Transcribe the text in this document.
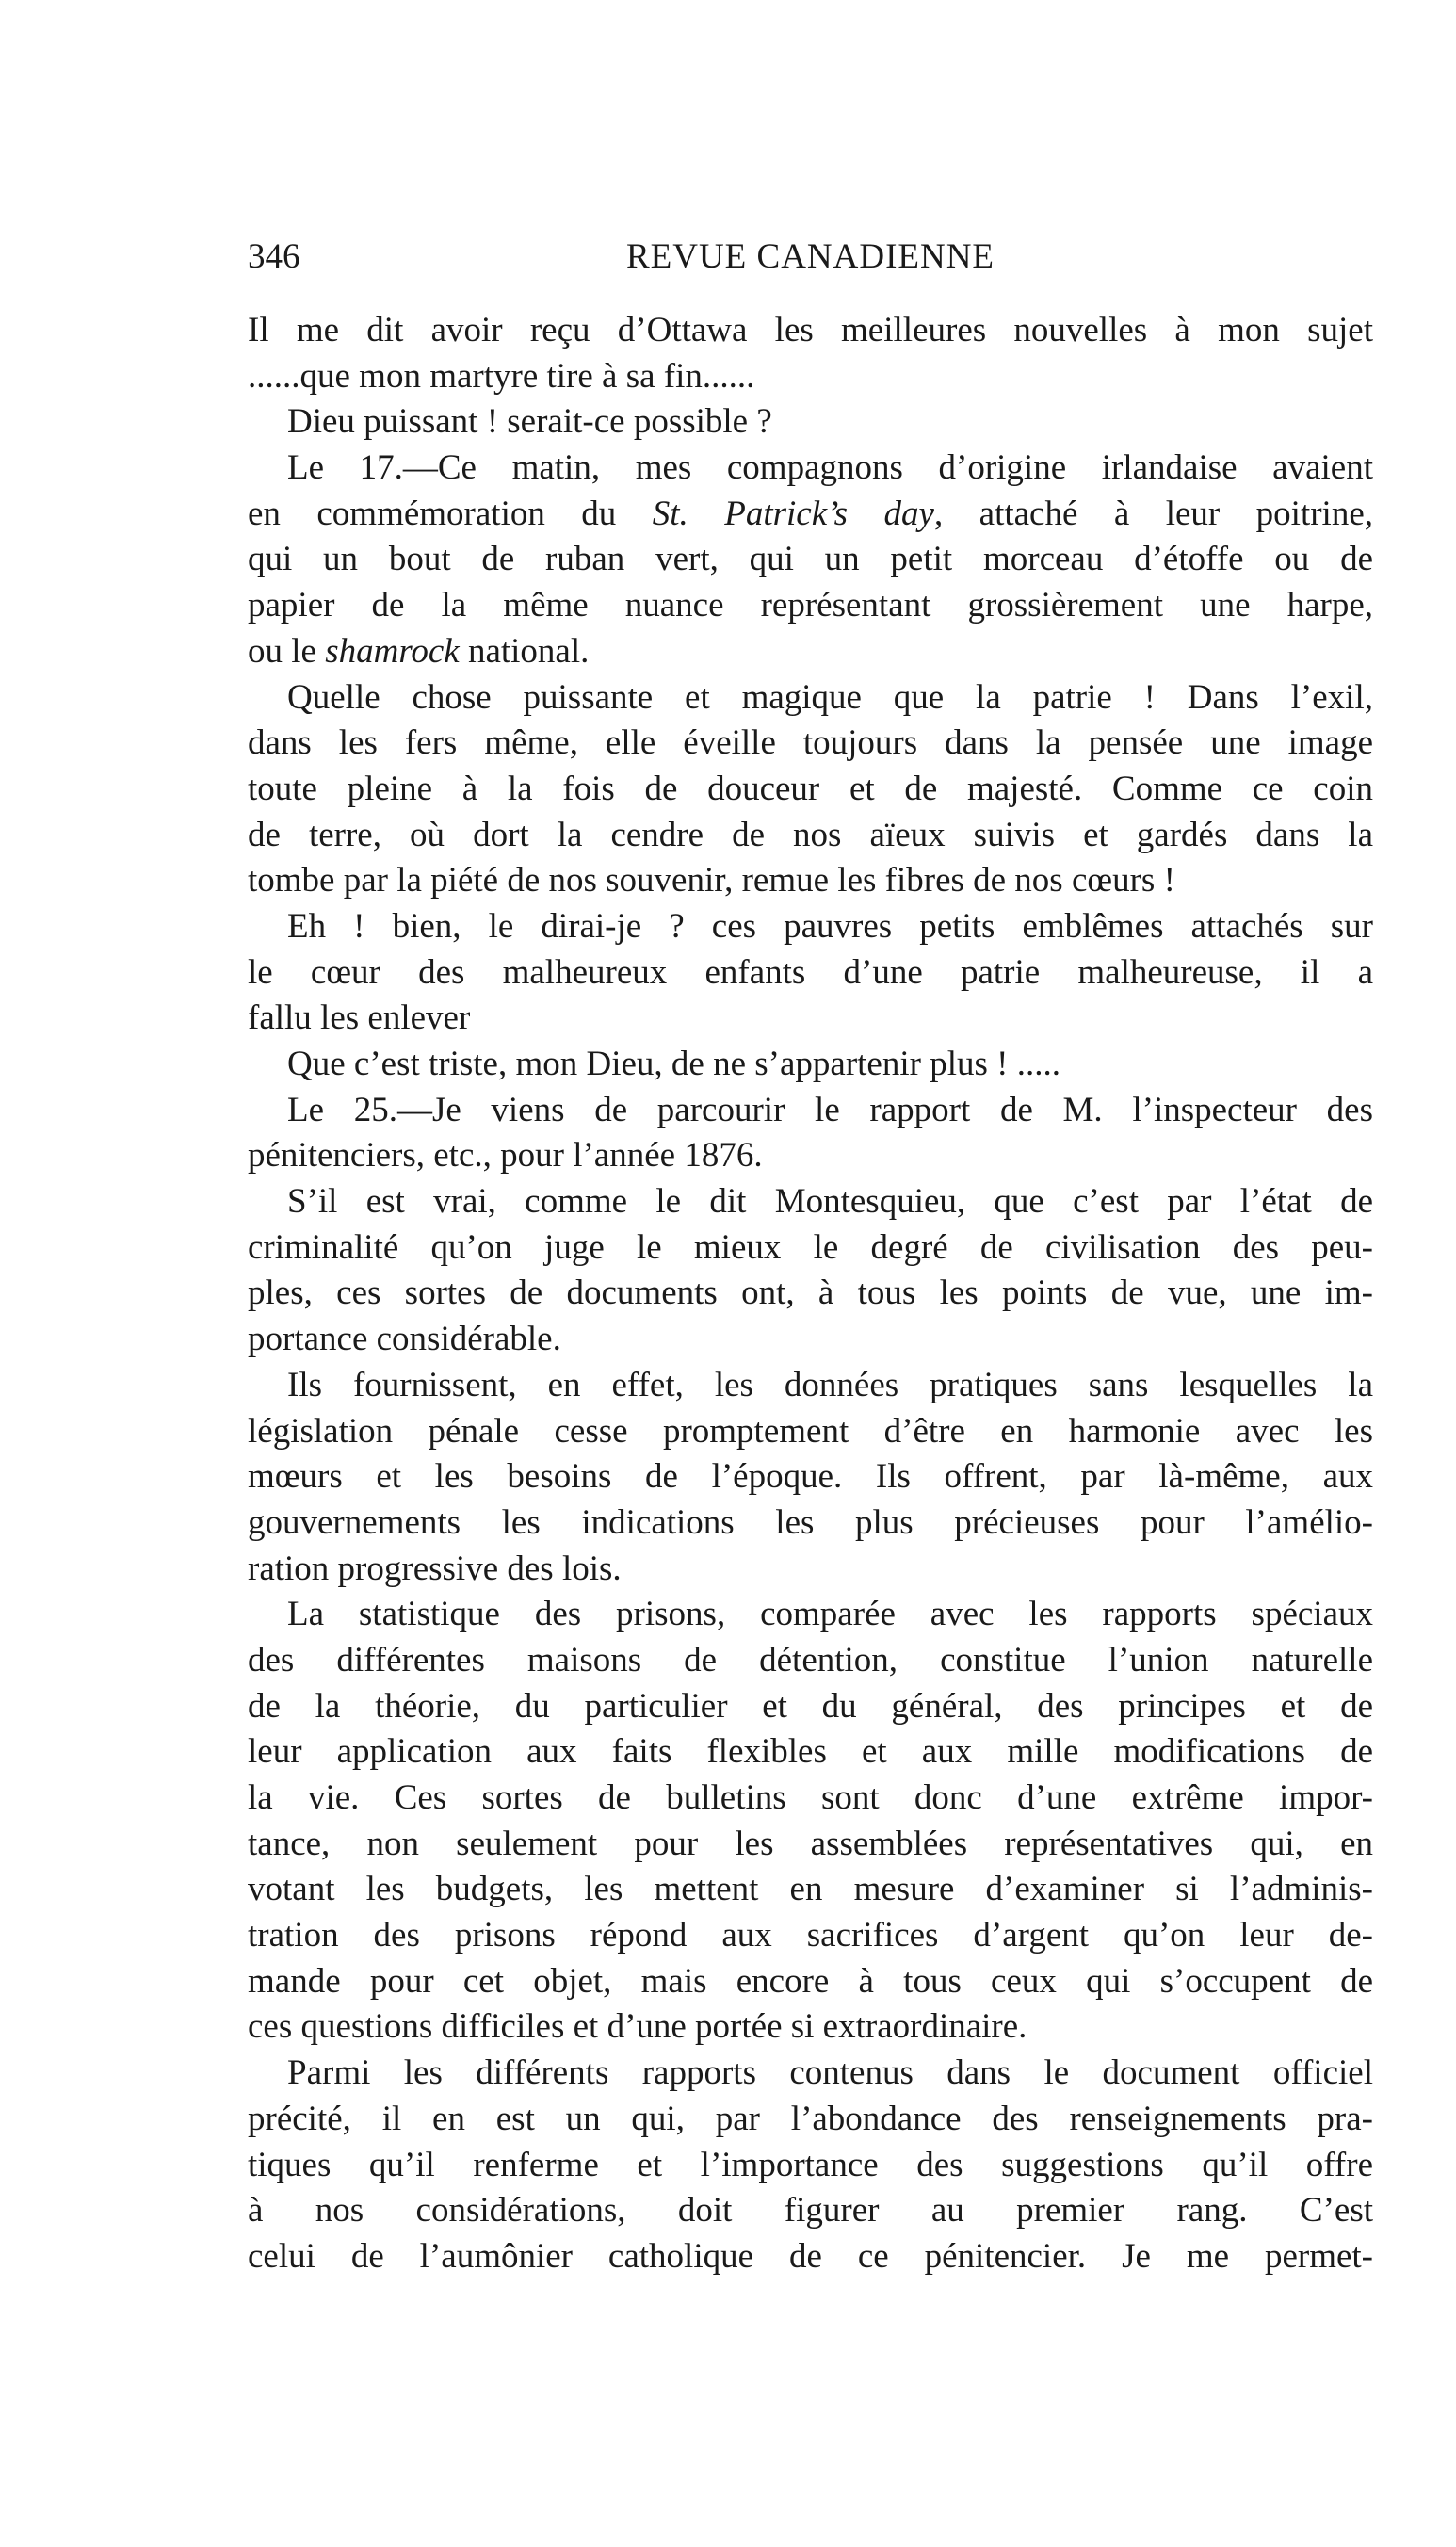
346	REVUE CANADIENNE
Il me dit avoir reçu d’Ottawa les meilleures nouvelles à mon sujet
......que mon martyre tire à sa fin......
Dieu puissant ! serait-ce possible ?
Le 17.—Ce matin, mes compagnons d’origine irlandaise avaient
en commémoration du St. Patrick’s day, attaché à leur poitrine,
qui un bout de ruban vert, qui un petit morceau d’étoffe ou de
papier de la même nuance représentant grossièrement une harpe,
ou le shamrock national.
Quelle chose puissante et magique que la patrie ! Dans l’exil,
dans les fers même, elle éveille toujours dans la pensée une image
toute pleine à la fois de douceur et de majesté. Comme ce coin
de terre, où dort la cendre de nos aïeux suivis et gardés dans la
tombe par la piété de nos souvenir, remue les fibres de nos cœurs !
Eh ! bien, le dirai-je ? ces pauvres petits emblêmes attachés sur
le cœur des malheureux enfants d’une patrie malheureuse, il a
fallu les enlever
Que c’est triste, mon Dieu, de ne s’appartenir plus ! .....
Le 25.—Je viens de parcourir le rapport de M. l’inspecteur des
pénitenciers, etc., pour l’année 1876.
S’il est vrai, comme le dit Montesquieu, que c’est par l’état de
criminalité qu’on juge le mieux le degré de civilisation des peu-
ples, ces sortes de documents ont, à tous les points de vue, une im-
portance considérable.
Ils fournissent, en effet, les données pratiques sans lesquelles la
législation pénale cesse promptement d’être en harmonie avec les
mœurs et les besoins de l’époque. Ils offrent, par là-même, aux
gouvernements les indications les plus précieuses pour l’amélio-
ration progressive des lois.
La statistique des prisons, comparée avec les rapports spéciaux
des différentes maisons de détention, constitue l’union naturelle
de la théorie, du particulier et du général, des principes et de
leur application aux faits flexibles et aux mille modifications de
la vie. Ces sortes de bulletins sont donc d’une extrême impor-
tance, non seulement pour les assemblées représentatives qui, en
votant les budgets, les mettent en mesure d’examiner si l’adminis-
tration des prisons répond aux sacrifices d’argent qu’on leur de-
mande pour cet objet, mais encore à tous ceux qui s’occupent de
ces questions difficiles et d’une portée si extraordinaire.
Parmi les différents rapports contenus dans le document officiel
précité, il en est un qui, par l’abondance des renseignements pra-
tiques qu’il renferme et l’importance des suggestions qu’il offre
à nos considérations, doit figurer au premier rang. C’est
celui de l’aumônier catholique de ce pénitencier. Je me permet-
